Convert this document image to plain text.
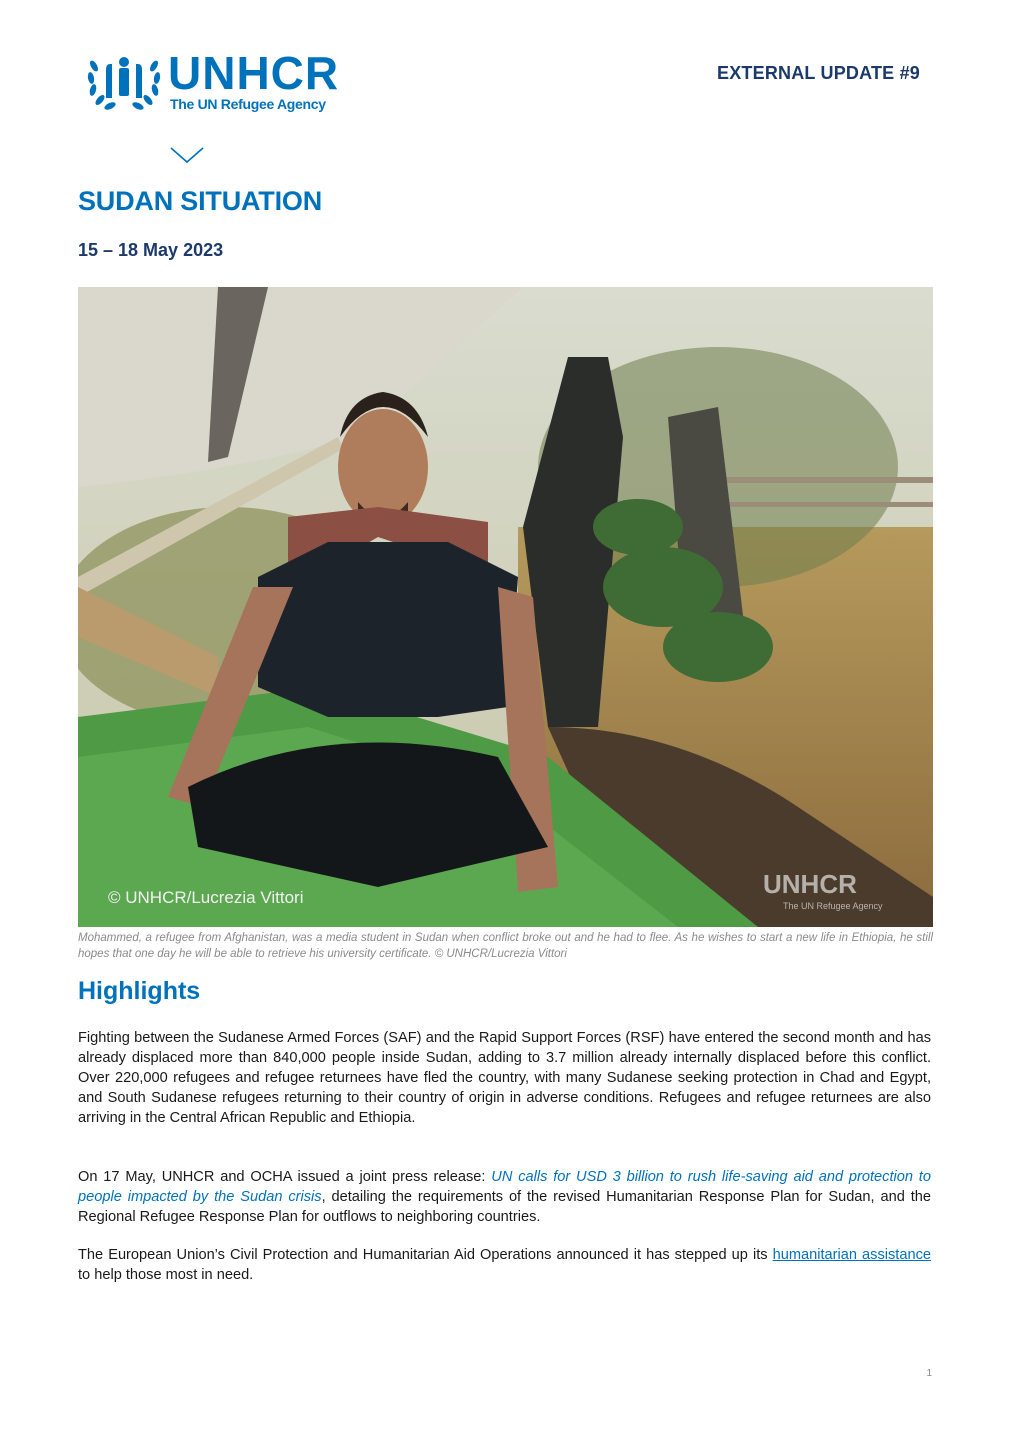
UNHCR
The UN Refugee Agency
EXTERNAL UPDATE #9
SUDAN SITUATION
15 – 18 May 2023
© UNHCR/Lucrezia Vittori	UNHCR
The UN Refugee Agency
Mohammed, a refugee from Afghanistan, was a media student in Sudan when conflict broke out and he had to flee. As he wishes to start a new life in Ethiopia, he still hopes that one day he will be able to retrieve his university certificate. © UNHCR/Lucrezia Vittori
Highlights
Fighting between the Sudanese Armed Forces (SAF) and the Rapid Support Forces (RSF) have entered the second month and has already displaced more than 840,000 people inside Sudan, adding to 3.7 million already internally displaced before this conflict. Over 220,000 refugees and refugee returnees have fled the country, with many Sudanese seeking protection in Chad and Egypt, and South Sudanese refugees returning to their country of origin in adverse conditions. Refugees and refugee returnees are also arriving in the Central African Republic and Ethiopia.
On 17 May, UNHCR and OCHA issued a joint press release: UN calls for USD 3 billion to rush life-saving aid and protection to people impacted by the Sudan crisis, detailing the requirements of the revised Humanitarian Response Plan for Sudan, and the Regional Refugee Response Plan for outflows to neighboring countries.
The European Union’s Civil Protection and Humanitarian Aid Operations announced it has stepped up its humanitarian assistance to help those most in need.
1
